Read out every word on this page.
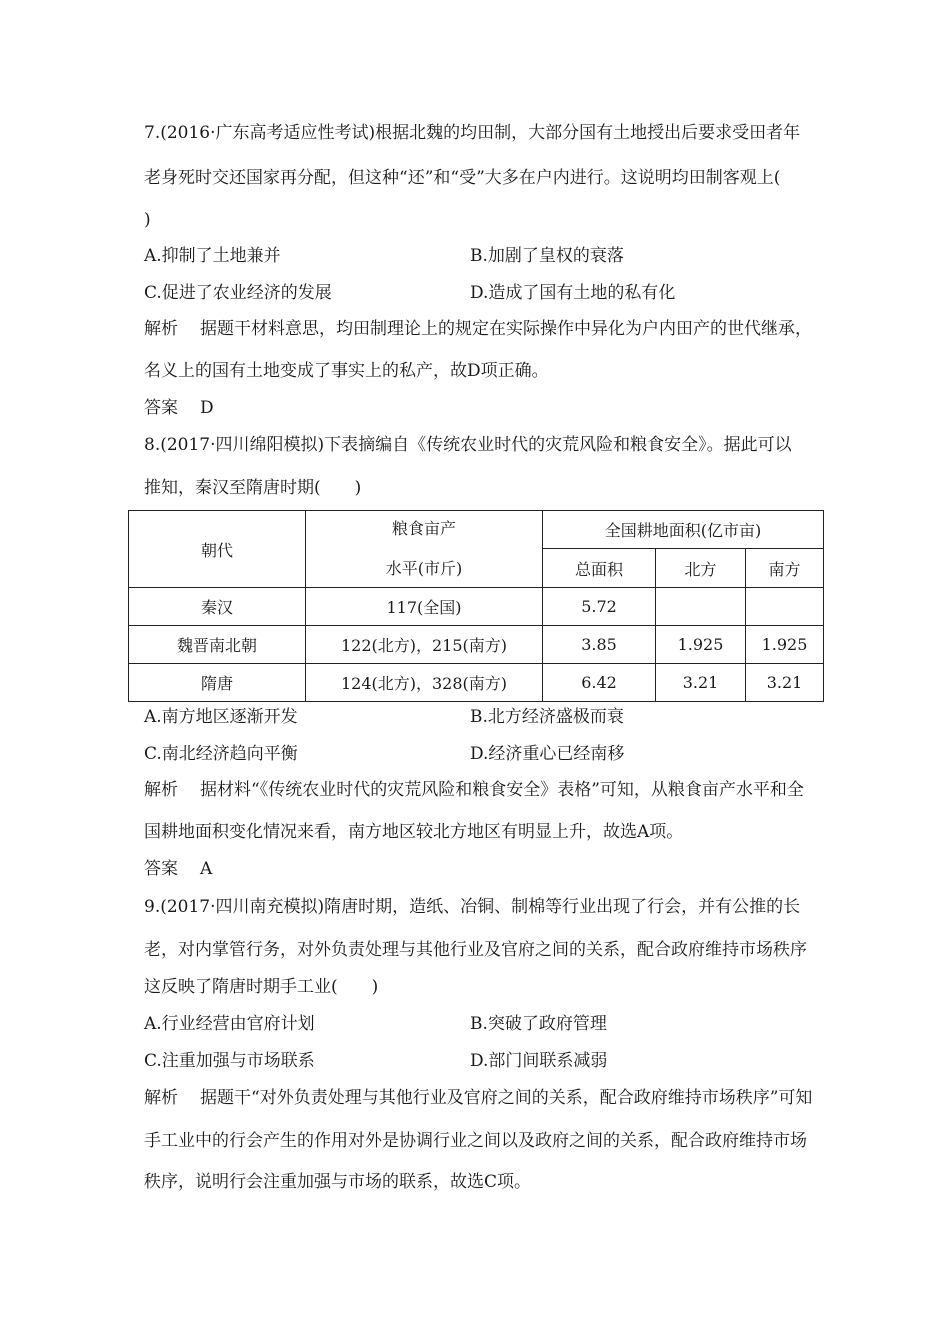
7.(2016·广东高考适应性考试)根据北魏的均田制，大部分国有土地授出后要求受田者年
老身死时交还国家再分配，但这种“还”和“受”大多在户内进行。这说明均田制客观上(
)
A.抑制了土地兼并	B.加剧了皇权的衰落
C.促进了农业经济的发展	D.造成了国有土地的私有化
解析 据题干材料意思，均田制理论上的规定在实际操作中异化为户内田产的世代继承，
名义上的国有土地变成了事实上的私产，故D项正确。
答案 D
8.(2017·四川绵阳模拟)下表摘编自《传统农业时代的灾荒风险和粮食安全》。据此可以
推知，秦汉至隋唐时期(　　)
朝代	粮食亩产
水平(市斤)	全国耕地面积(亿市亩)		
		总面积	北方	南方
秦汉	117(全国)	5.72		
魏晋南北朝	122(北方)，215(南方)	3.85	1.925	1.925
隋唐	124(北方)，328(南方)	6.42	3.21	3.21
A.南方地区逐渐开发	B.北方经济盛极而衰
C.南北经济趋向平衡	D.经济重心已经南移
解析 据材料“《传统农业时代的灾荒风险和粮食安全》表格”可知，从粮食亩产水平和全
国耕地面积变化情况来看，南方地区较北方地区有明显上升，故选A项。
答案 A
9.(2017·四川南充模拟)隋唐时期，造纸、冶铜、制棉等行业出现了行会，并有公推的长
老，对内掌管行务，对外负责处理与其他行业及官府之间的关系，配合政府维持市场秩序
这反映了隋唐时期手工业(　　)
A.行业经营由官府计划	B.突破了政府管理
C.注重加强与市场联系	D.部门间联系减弱
解析 据题干“对外负责处理与其他行业及官府之间的关系，配合政府维持市场秩序”可知
手工业中的行会产生的作用对外是协调行业之间以及政府之间的关系，配合政府维持市场
秩序，说明行会注重加强与市场的联系，故选C项。
